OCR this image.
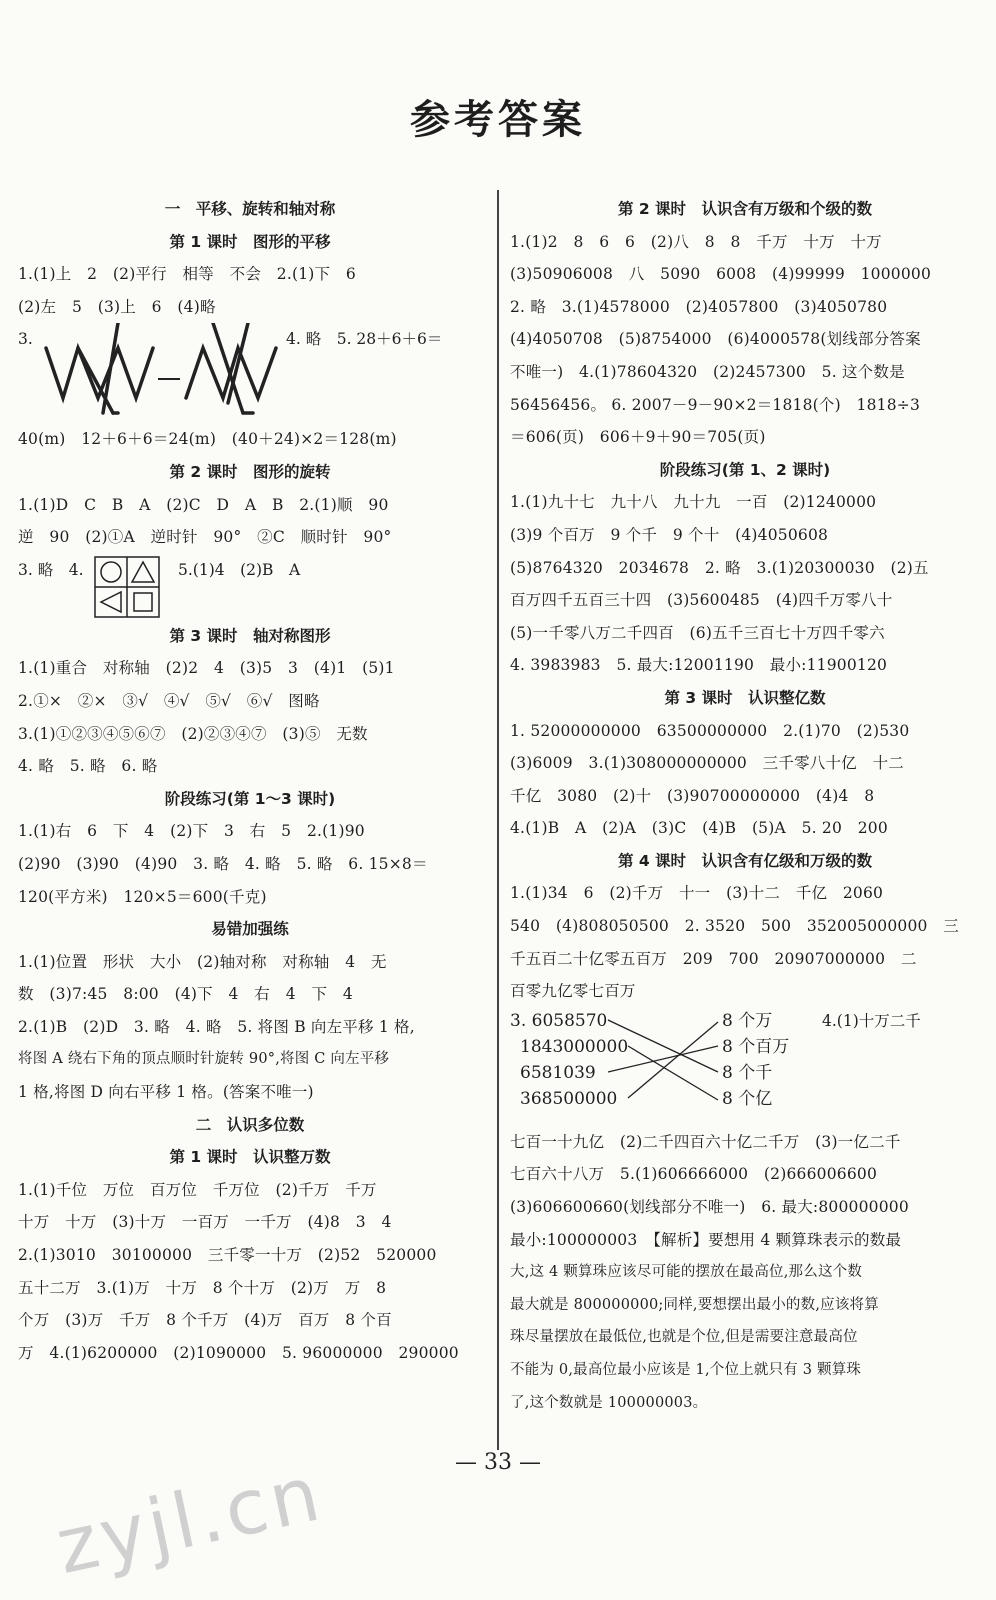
参考答案
一　平移、旋转和轴对称
第 1 课时　图形的平移
1.(1)上　2　(2)平行　相等　不会　2.(1)下　6
(2)左　5　(3)上　6　(4)略
3.	4. 略　5. 28＋6＋6＝
40(m)　12＋6＋6＝24(m)　(40＋24)×2＝128(m)
第 2 课时　图形的旋转
1.(1)D　C　B　A　(2)C　D　A　B　2.(1)顺　90
逆　90　(2)①A　逆时针　90°　②C　顺时针　90°
3. 略　4.	5.(1)4　(2)B　A
第 3 课时　轴对称图形
1.(1)重合　对称轴　(2)2　4　(3)5　3　(4)1　(5)1
2.①×　②×　③√　④√　⑤√　⑥√　图略
3.(1)①②③④⑤⑥⑦　(2)②③④⑦　(3)⑤　无数
4. 略　5. 略　6. 略
阶段练习(第 1～3 课时)
1.(1)右　6　下　4　(2)下　3　右　5　2.(1)90
(2)90　(3)90　(4)90　3. 略　4. 略　5. 略　6. 15×8＝
120(平方米)　120×5＝600(千克)
易错加强练
1.(1)位置　形状　大小　(2)轴对称　对称轴　4　无
数　(3)7:45　8:00　(4)下　4　右　4　下　4
2.(1)B　(2)D　3. 略　4. 略　5. 将图 B 向左平移 1 格,
将图 A 绕右下角的顶点顺时针旋转 90°,将图 C 向左平移
1 格,将图 D 向右平移 1 格。(答案不唯一)
二　认识多位数
第 1 课时　认识整万数
1.(1)千位　万位　百万位　千万位　(2)千万　千万
十万　十万　(3)十万　一百万　一千万　(4)8　3　4
2.(1)3010　30100000　三千零一十万　(2)52　520000
五十二万　3.(1)万　十万　8 个十万　(2)万　万　8
个万　(3)万　千万　8 个千万　(4)万　百万　8 个百
万　4.(1)6200000　(2)1090000　5. 96000000　290000
第 2 课时　认识含有万级和个级的数
1.(1)2　8　6　6　(2)八　8　8　千万　十万　十万
(3)50906008　八　5090　6008　(4)99999　1000000
2. 略　3.(1)4578000　(2)4057800　(3)4050780
(4)4050708　(5)8754000　(6)4000578(划线部分答案
不唯一)　4.(1)78604320　(2)2457300　5. 这个数是
56456456。 6. 2007－9－90×2＝1818(个)　1818÷3
＝606(页)　606＋9＋90＝705(页)
阶段练习(第 1、2 课时)
1.(1)九十七　九十八　九十九　一百　(2)1240000
(3)9 个百万　9 个千　9 个十　(4)4050608
(5)8764320　2034678　2. 略　3.(1)20300030　(2)五
百万四千五百三十四　(3)5600485　(4)四千万零八十
(5)一千零八万二千四百　(6)五千三百七十万四千零六
4. 3983983　5. 最大:12001190　最小:11900120
第 3 课时　认识整亿数
1. 52000000000　63500000000　2.(1)70　(2)530
(3)6009　3.(1)308000000000　三千零八十亿　十二
千亿　3080　(2)十　(3)90700000000　(4)4　8
4.(1)B　A　(2)A　(3)C　(4)B　(5)A　5. 20　200
第 4 课时　认识含有亿级和万级的数
1.(1)34　6　(2)千万　十一　(3)十二　千亿　2060
540　(4)808050500　2. 3520　500　352005000000　三
千五百二十亿零五百万　209　700　20907000000　二
百零九亿零七百万
3. 6058570
1843000000
6581039
368500000
8 个万
8 个百万
8 个千
8 个亿
4.(1)十万二千
七百一十九亿　(2)二千四百六十亿二千万　(3)一亿二千
七百六十八万　5.(1)606666000　(2)666006600
(3)606600660(划线部分不唯一)　6. 最大:800000000
最小:100000003　【解析】要想用 4 颗算珠表示的数最
大,这 4 颗算珠应该尽可能的摆放在最高位,那么这个数
最大就是 800000000;同样,要想摆出最小的数,应该将算
珠尽量摆放在最低位,也就是个位,但是需要注意最高位
不能为 0,最高位最小应该是 1,个位上就只有 3 颗算珠
了,这个数就是 100000003。
— 33 —
zyjl.cn
